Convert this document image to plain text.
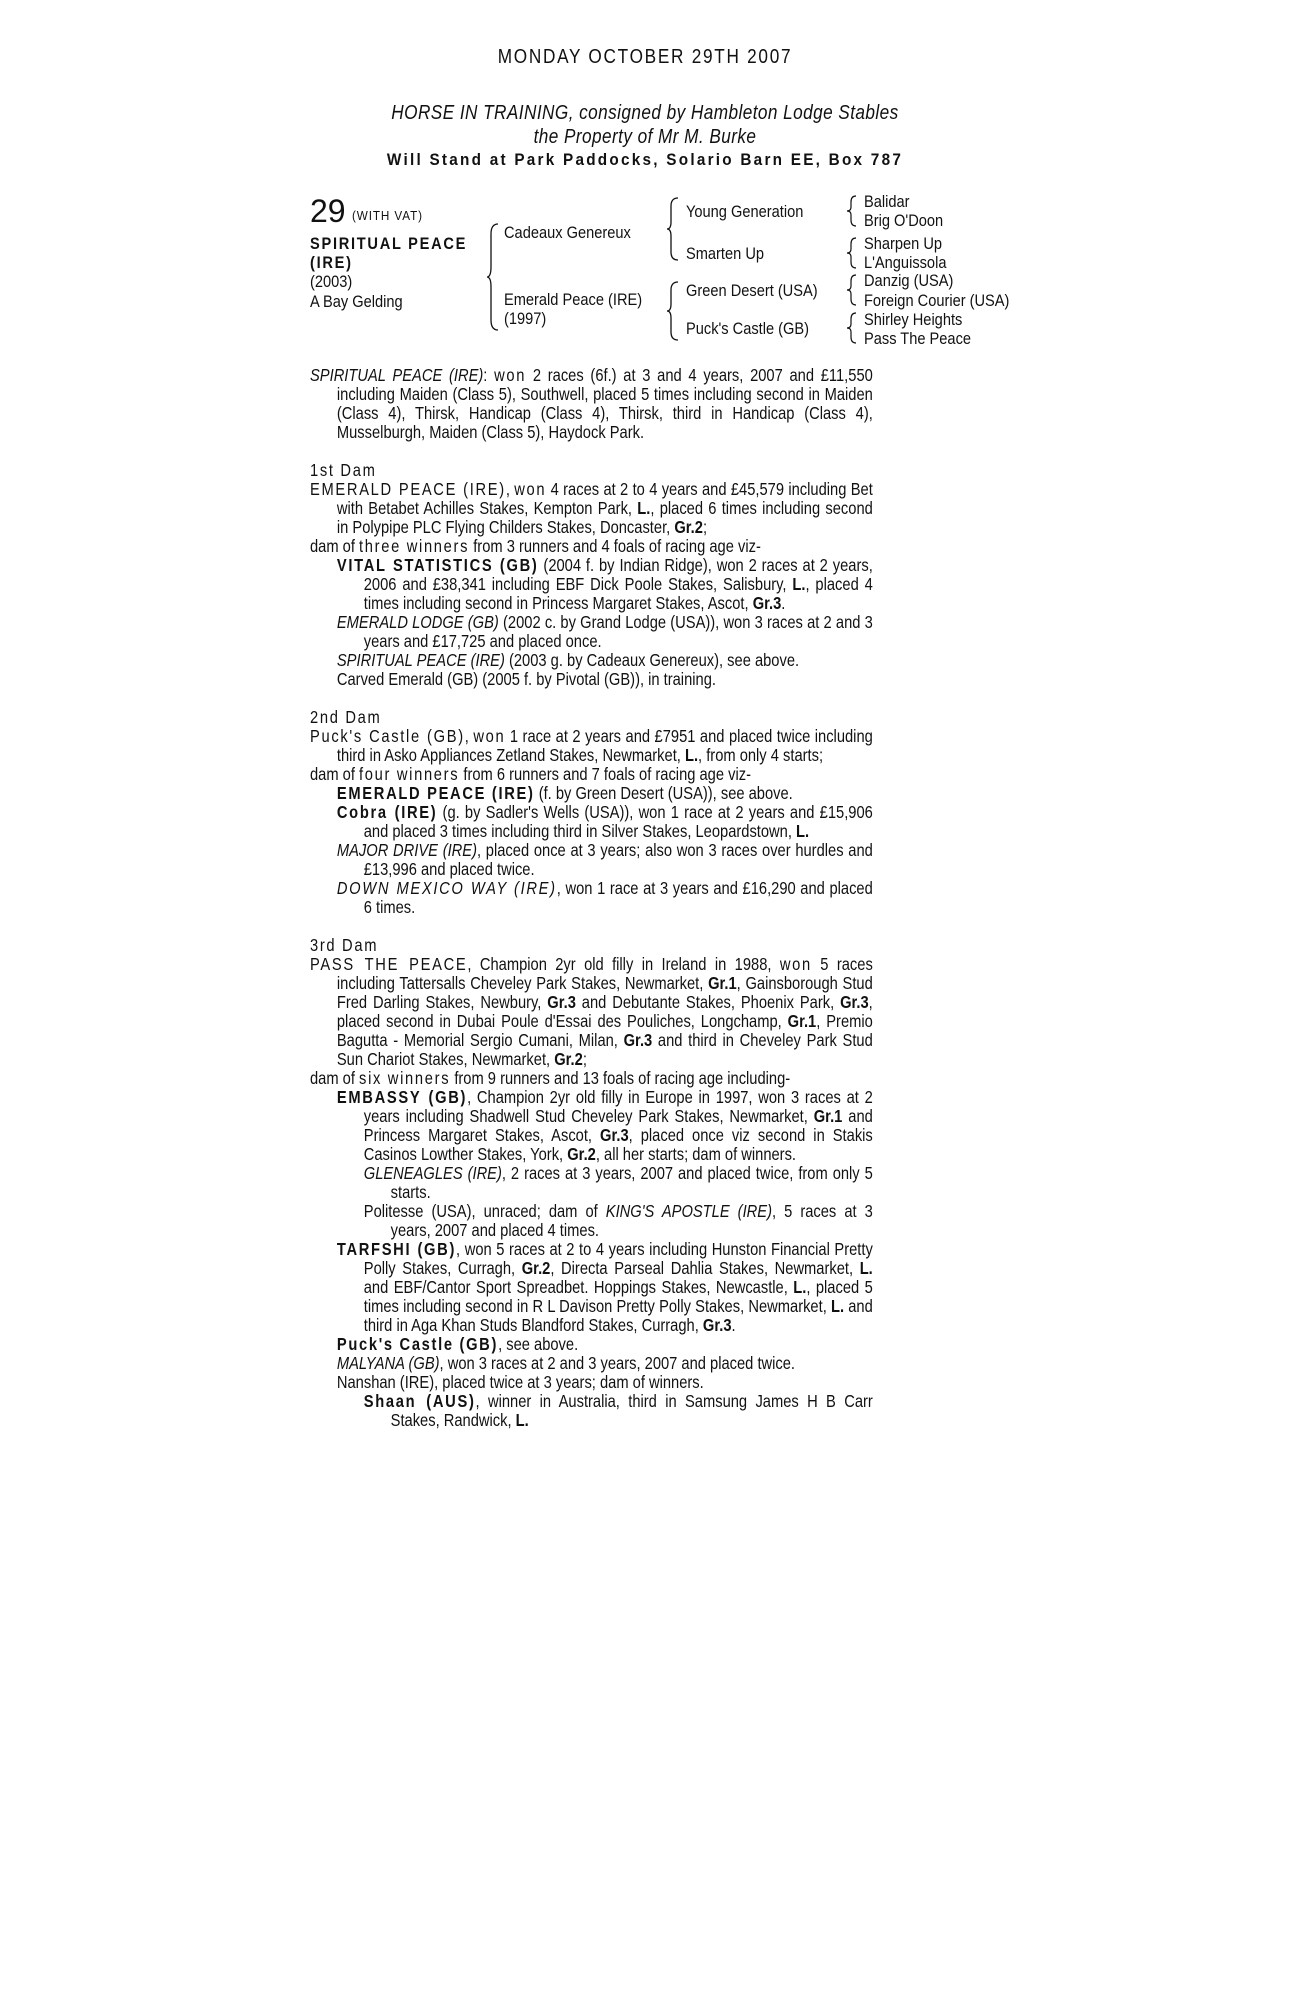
MONDAY OCTOBER 29TH 2007
HORSE IN TRAINING, consigned by Hambleton Lodge Stables
the Property of Mr M. Burke
Will Stand at Park Paddocks, Solario Barn EE, Box 787
29 (WITH VAT)
SPIRITUAL PEACE
(IRE)
(2003)
A Bay Gelding
Cadeaux Genereux
Emerald Peace (IRE)
(1997)
Young Generation
Smarten Up
Green Desert (USA)
Puck's Castle (GB)
Balidar
Brig O'Doon
Sharpen Up
L'Anguissola
Danzig (USA)
Foreign Courier (USA)
Shirley Heights
Pass The Peace

SPIRITUAL PEACE (IRE): won 2 races (6f.) at 3 and 4 years, 2007 and £11,550 including Maiden (Class 5), Southwell, placed 5 times including second in Maiden (Class 4), Thirsk, Handicap (Class 4), Thirsk, third in Handicap (Class 4), Musselburgh, Maiden (Class 5), Haydock Park.

1st Dam

EMERALD PEACE (IRE), won 4 races at 2 to 4 years and £45,579 including Bet with Betabet Achilles Stakes, Kempton Park, L., placed 6 times including second in Polypipe PLC Flying Childers Stakes, Doncaster, Gr.2;

dam of three winners from 3 runners and 4 foals of racing age viz-

VITAL STATISTICS (GB) (2004 f. by Indian Ridge), won 2 races at 2 years, 2006 and £38,341 including EBF Dick Poole Stakes, Salisbury, L., placed 4 times including second in Princess Margaret Stakes, Ascot, Gr.3.

EMERALD LODGE (GB) (2002 c. by Grand Lodge (USA)), won 3 races at 2 and 3 years and £17,725 and placed once.

SPIRITUAL PEACE (IRE) (2003 g. by Cadeaux Genereux), see above.

Carved Emerald (GB) (2005 f. by Pivotal (GB)), in training.

2nd Dam

Puck's Castle (GB), won 1 race at 2 years and £7951 and placed twice including third in Asko Appliances Zetland Stakes, Newmarket, L., from only 4 starts;

dam of four winners from 6 runners and 7 foals of racing age viz-

EMERALD PEACE (IRE) (f. by Green Desert (USA)), see above.

Cobra (IRE) (g. by Sadler's Wells (USA)), won 1 race at 2 years and £15,906 and placed 3 times including third in Silver Stakes, Leopardstown, L.

MAJOR DRIVE (IRE), placed once at 3 years; also won 3 races over hurdles and £13,996 and placed twice.

DOWN MEXICO WAY (IRE), won 1 race at 3 years and £16,290 and placed 6 times.

3rd Dam

PASS THE PEACE, Champion 2yr old filly in Ireland in 1988, won 5 races including Tattersalls Cheveley Park Stakes, Newmarket, Gr.1, Gainsborough Stud Fred Darling Stakes, Newbury, Gr.3 and Debutante Stakes, Phoenix Park, Gr.3, placed second in Dubai Poule d'Essai des Pouliches, Longchamp, Gr.1, Premio Bagutta - Memorial Sergio Cumani, Milan, Gr.3 and third in Cheveley Park Stud Sun Chariot Stakes, Newmarket, Gr.2;

dam of six winners from 9 runners and 13 foals of racing age including-

EMBASSY (GB), Champion 2yr old filly in Europe in 1997, won 3 races at 2 years including Shadwell Stud Cheveley Park Stakes, Newmarket, Gr.1 and Princess Margaret Stakes, Ascot, Gr.3, placed once viz second in Stakis Casinos Lowther Stakes, York, Gr.2, all her starts; dam of winners.

GLENEAGLES (IRE), 2 races at 3 years, 2007 and placed twice, from only 5 starts.

Politesse (USA), unraced; dam of KING'S APOSTLE (IRE), 5 races at 3 years, 2007 and placed 4 times.

TARFSHI (GB), won 5 races at 2 to 4 years including Hunston Financial Pretty Polly Stakes, Curragh, Gr.2, Directa Parseal Dahlia Stakes, Newmarket, L. and EBF/Cantor Sport Spreadbet. Hoppings Stakes, Newcastle, L., placed 5 times including second in R L Davison Pretty Polly Stakes, Newmarket, L. and third in Aga Khan Studs Blandford Stakes, Curragh, Gr.3.

Puck's Castle (GB), see above.

MALYANA (GB), won 3 races at 2 and 3 years, 2007 and placed twice.

Nanshan (IRE), placed twice at 3 years; dam of winners.

Shaan (AUS), winner in Australia, third in Samsung James H B Carr Stakes, Randwick, L.
